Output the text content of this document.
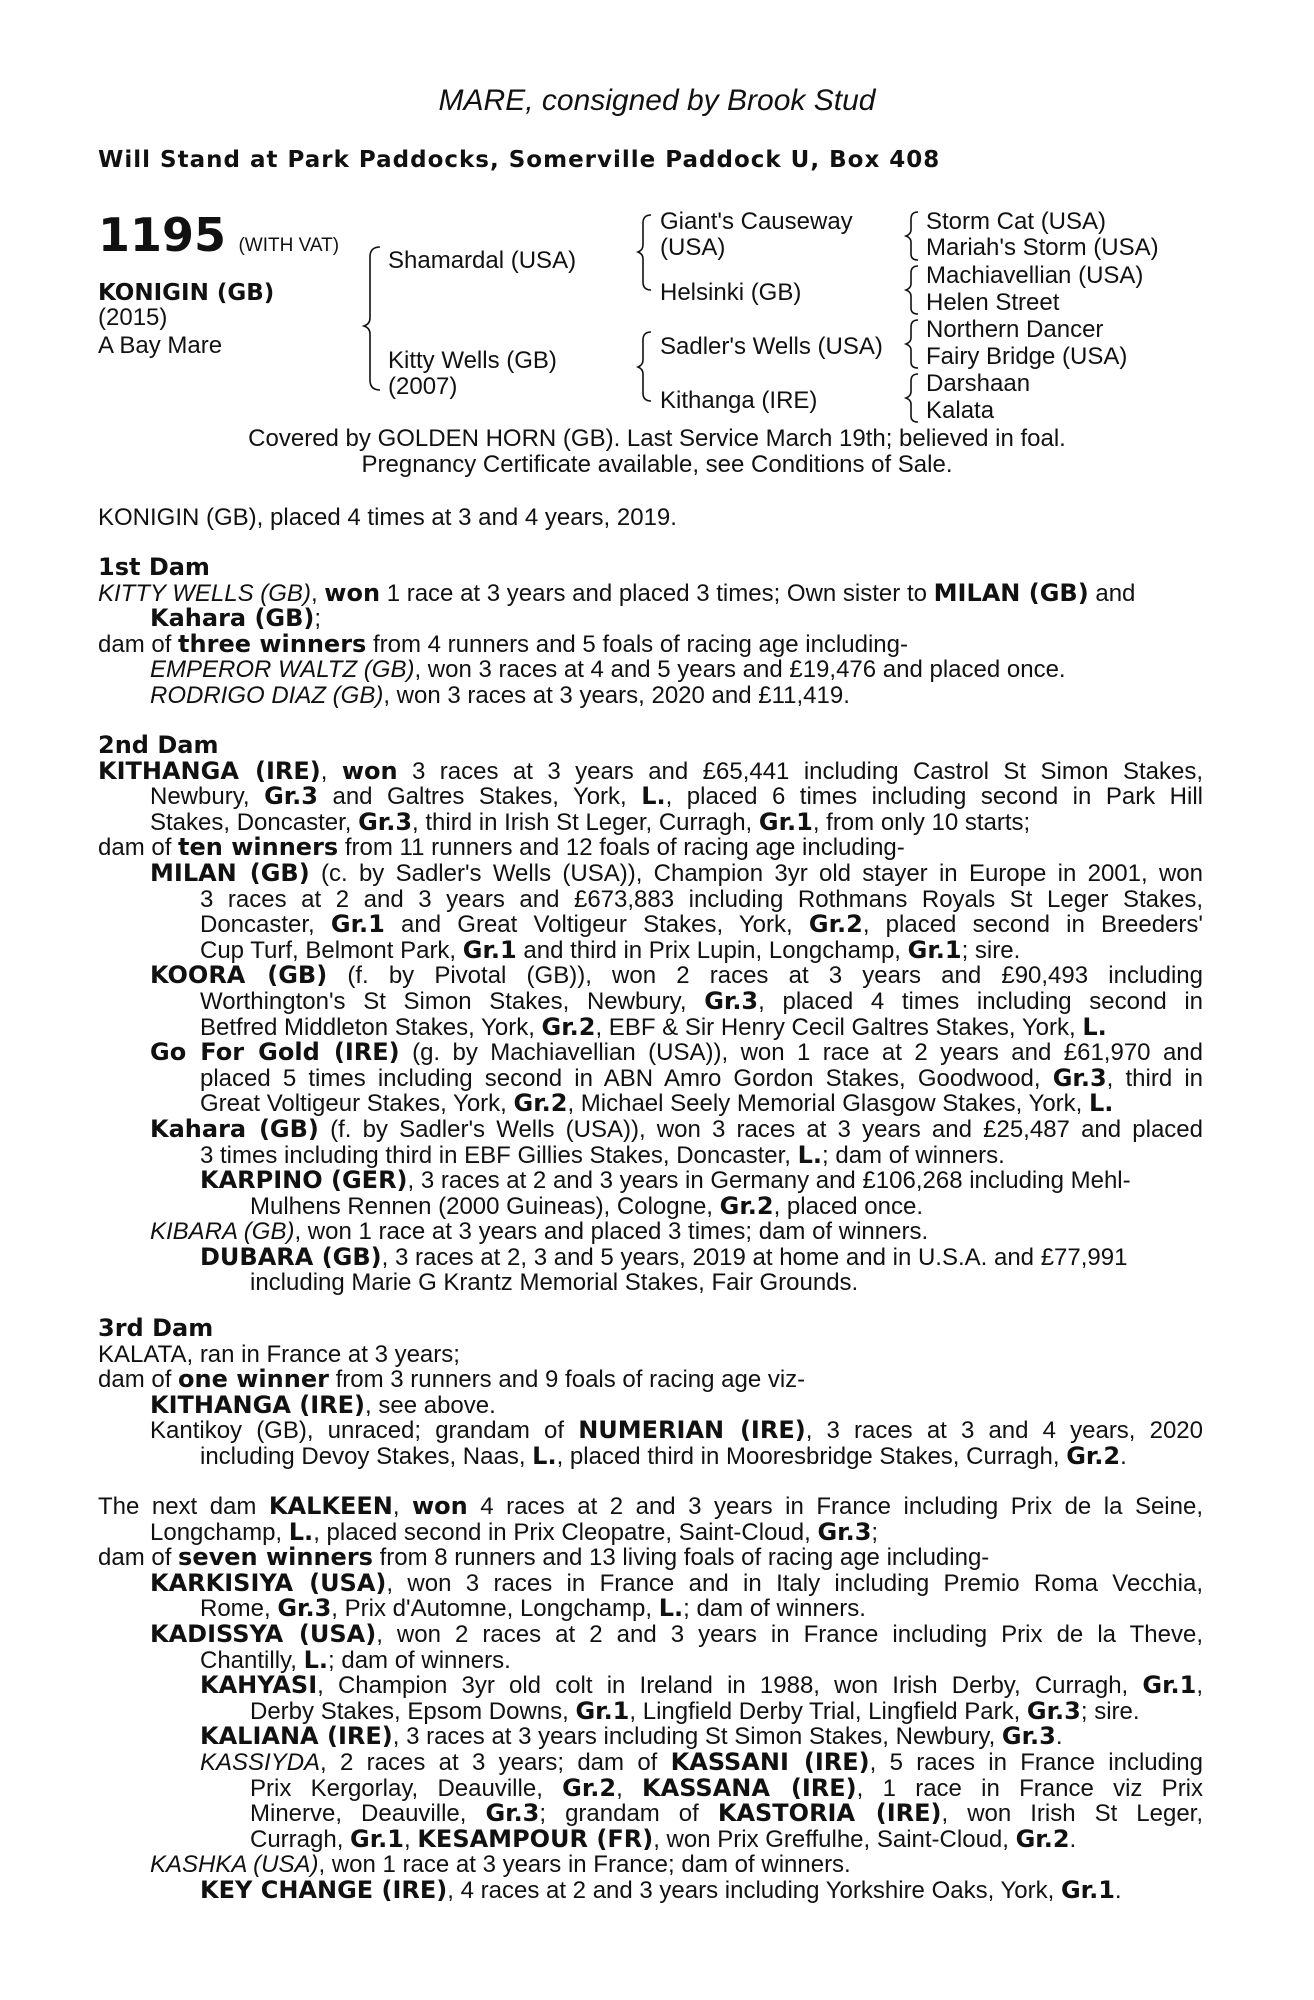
MARE, consigned by Brook Stud
Will Stand at Park Paddocks, Somerville Paddock U, Box 408
1195 (WITH VAT)
KONIGIN (GB)
(2015)
A Bay Mare
Shamardal (USA)
Kitty Wells (GB)
(2007)
Giant's Causeway
(USA)
Helsinki (GB)
Sadler's Wells (USA)
Kithanga (IRE)
Storm Cat (USA)
Mariah's Storm (USA)
Machiavellian (USA)
Helen Street
Northern Dancer
Fairy Bridge (USA)
Darshaan
Kalata
Covered by GOLDEN HORN (GB). Last Service March 19th; believed in foal.
Pregnancy Certificate available, see Conditions of Sale.
KONIGIN (GB), placed 4 times at 3 and 4 years, 2019.
1st Dam
KITTY WELLS (GB), won 1 race at 3 years and placed 3 times; Own sister to MILAN (GB) and
Kahara (GB);
dam of three winners from 4 runners and 5 foals of racing age including-
EMPEROR WALTZ (GB), won 3 races at 4 and 5 years and £19,476 and placed once.
RODRIGO DIAZ (GB), won 3 races at 3 years, 2020 and £11,419.
2nd Dam
KITHANGA (IRE), won 3 races at 3 years and £65,441 including Castrol St Simon Stakes,
Newbury, Gr.3 and Galtres Stakes, York, L., placed 6 times including second in Park Hill
Stakes, Doncaster, Gr.3, third in Irish St Leger, Curragh, Gr.1, from only 10 starts;
dam of ten winners from 11 runners and 12 foals of racing age including-
MILAN (GB) (c. by Sadler's Wells (USA)), Champion 3yr old stayer in Europe in 2001, won
3 races at 2 and 3 years and £673,883 including Rothmans Royals St Leger Stakes,
Doncaster, Gr.1 and Great Voltigeur Stakes, York, Gr.2, placed second in Breeders'
Cup Turf, Belmont Park, Gr.1 and third in Prix Lupin, Longchamp, Gr.1; sire.
KOORA (GB) (f. by Pivotal (GB)), won 2 races at 3 years and £90,493 including
Worthington's St Simon Stakes, Newbury, Gr.3, placed 4 times including second in
Betfred Middleton Stakes, York, Gr.2, EBF & Sir Henry Cecil Galtres Stakes, York, L.
Go For Gold (IRE) (g. by Machiavellian (USA)), won 1 race at 2 years and £61,970 and
placed 5 times including second in ABN Amro Gordon Stakes, Goodwood, Gr.3, third in
Great Voltigeur Stakes, York, Gr.2, Michael Seely Memorial Glasgow Stakes, York, L.
Kahara (GB) (f. by Sadler's Wells (USA)), won 3 races at 3 years and £25,487 and placed
3 times including third in EBF Gillies Stakes, Doncaster, L.; dam of winners.
KARPINO (GER), 3 races at 2 and 3 years in Germany and £106,268 including Mehl-
Mulhens Rennen (2000 Guineas), Cologne, Gr.2, placed once.
KIBARA (GB), won 1 race at 3 years and placed 3 times; dam of winners.
DUBARA (GB), 3 races at 2, 3 and 5 years, 2019 at home and in U.S.A. and £77,991
including Marie G Krantz Memorial Stakes, Fair Grounds.
3rd Dam
KALATA, ran in France at 3 years;
dam of one winner from 3 runners and 9 foals of racing age viz-
KITHANGA (IRE), see above.
Kantikoy (GB), unraced; grandam of NUMERIAN (IRE), 3 races at 3 and 4 years, 2020
including Devoy Stakes, Naas, L., placed third in Mooresbridge Stakes, Curragh, Gr.2.
The next dam KALKEEN, won 4 races at 2 and 3 years in France including Prix de la Seine,
Longchamp, L., placed second in Prix Cleopatre, Saint-Cloud, Gr.3;
dam of seven winners from 8 runners and 13 living foals of racing age including-
KARKISIYA (USA), won 3 races in France and in Italy including Premio Roma Vecchia,
Rome, Gr.3, Prix d'Automne, Longchamp, L.; dam of winners.
KADISSYA (USA), won 2 races at 2 and 3 years in France including Prix de la Theve,
Chantilly, L.; dam of winners.
KAHYASI, Champion 3yr old colt in Ireland in 1988, won Irish Derby, Curragh, Gr.1,
Derby Stakes, Epsom Downs, Gr.1, Lingfield Derby Trial, Lingfield Park, Gr.3; sire.
KALIANA (IRE), 3 races at 3 years including St Simon Stakes, Newbury, Gr.3.
KASSIYDA, 2 races at 3 years; dam of KASSANI (IRE), 5 races in France including
Prix Kergorlay, Deauville, Gr.2, KASSANA (IRE), 1 race in France viz Prix
Minerve, Deauville, Gr.3; grandam of KASTORIA (IRE), won Irish St Leger,
Curragh, Gr.1, KESAMPOUR (FR), won Prix Greffulhe, Saint-Cloud, Gr.2.
KASHKA (USA), won 1 race at 3 years in France; dam of winners.
KEY CHANGE (IRE), 4 races at 2 and 3 years including Yorkshire Oaks, York, Gr.1.
